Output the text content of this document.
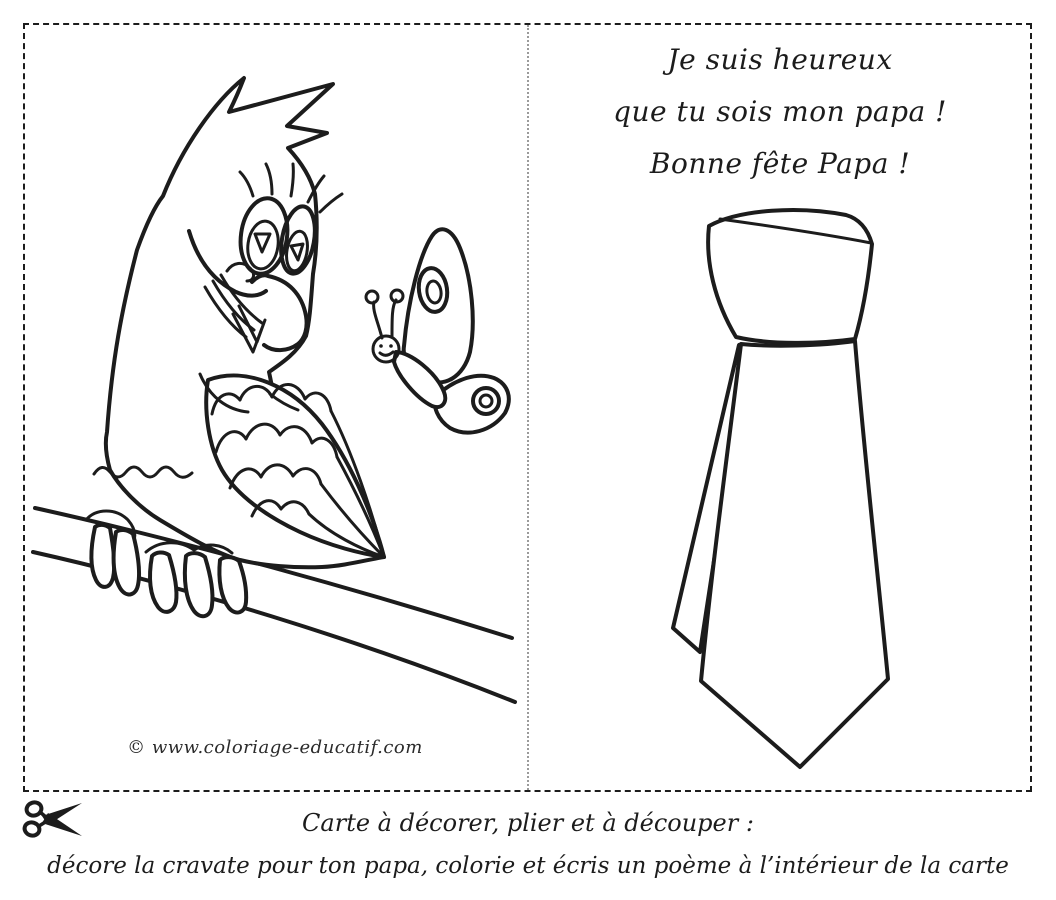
Je suis heureux
que tu sois mon papa !
Bonne fête Papa !
© www.coloriage-educatif.com
Carte à décorer, plier et à découper :
décore la cravate pour ton papa, colorie et écris un poème à l’intérieur de la carte
